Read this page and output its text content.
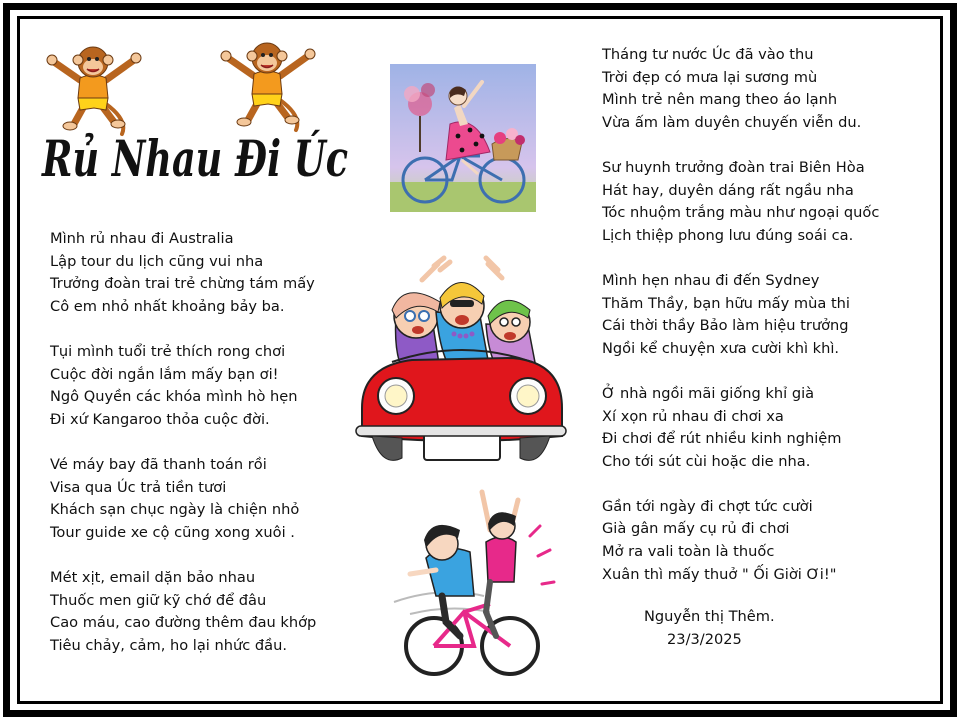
Rủ Nhau Đi Úc
Mình rủ nhau đi Australia
Lập tour du lịch cũng vui nha
Trưởng đoàn trai trẻ chừng tám mấy
Cô em nhỏ nhất khoảng bảy ba.
Tụi mình tuổi trẻ thích rong chơi
Cuộc đời ngắn lắm mấy bạn ơi!
Ngô Quyền các khóa mình hò hẹn
Đi xứ Kangaroo thỏa cuộc đời.
Vé máy bay đã thanh toán rồi
Visa qua Úc trả tiền tươi
Khách sạn chục ngày là chiện nhỏ
Tour guide xe cộ cũng xong xuôi .
Mét xịt, email dặn bảo nhau
Thuốc men giữ kỹ chớ để đâu
Cao máu, cao đường thêm đau khớp
Tiêu chảy, cảm, ho lại nhức đầu.
Tháng tư nước Úc đã vào thu
Trời đẹp có mưa lại sương mù
Mình trẻ nên mang theo áo lạnh
Vừa ấm làm duyên chuyến viễn du.
Sư huynh trưởng đoàn trai Biên Hòa
Hát hay, duyên dáng rất ngầu nha
Tóc nhuộm trắng màu như ngoại quốc
Lịch thiệp phong lưu đúng soái ca.
Mình hẹn nhau đi đến Sydney
Thăm Thầy, bạn hữu mấy mùa thi
Cái thời thầy Bảo làm hiệu trưởng
Ngồi kể chuyện xưa cười khì khì.
Ở nhà ngồi mãi giống khỉ già
Xí xọn rủ nhau đi chơi xa
Đi chơi để rút nhiều kinh nghiệm
Cho tới sút cùi hoặc die nha.
Gần tới ngày đi chợt tức cười
Già gân mấy cụ rủ đi chơi
Mở ra vali toàn là thuốc
Xuân thì mấy thuở " Ối Giời Ơi!"
Nguyễn thị Thêm.
23/3/2025
